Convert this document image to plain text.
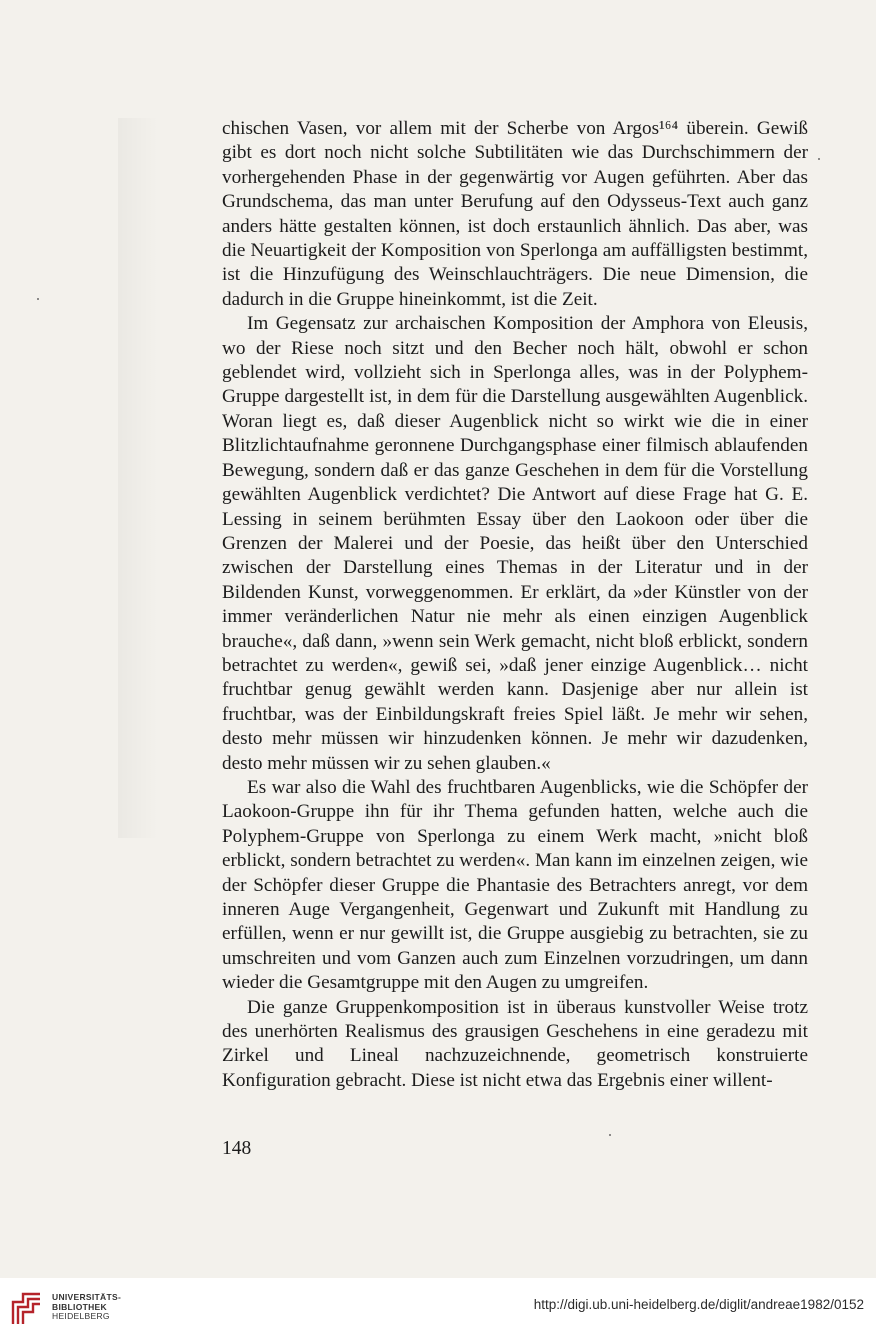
chischen Vasen, vor allem mit der Scherbe von Argos¹⁶⁴ überein. Gewiß gibt es dort noch nicht solche Subtilitäten wie das Durchschimmern der vorhergehenden Phase in der gegenwärtig vor Augen geführten. Aber das Grundschema, das man unter Berufung auf den Odysseus-Text auch ganz anders hätte gestalten können, ist doch erstaunlich ähnlich. Das aber, was die Neuartigkeit der Komposition von Sperlonga am auffälligsten bestimmt, ist die Hinzufügung des Weinschlauchträgers. Die neue Dimension, die dadurch in die Gruppe hineinkommt, ist die Zeit.

Im Gegensatz zur archaischen Komposition der Amphora von Eleusis, wo der Riese noch sitzt und den Becher noch hält, obwohl er schon geblendet wird, vollzieht sich in Sperlonga alles, was in der Polyphem-Gruppe dargestellt ist, in dem für die Darstellung ausgewählten Augenblick. Woran liegt es, daß dieser Augenblick nicht so wirkt wie die in einer Blitzlichtaufnahme geronnene Durchgangsphase einer filmisch ablaufenden Bewegung, sondern daß er das ganze Geschehen in dem für die Vorstellung gewählten Augenblick verdichtet? Die Antwort auf diese Frage hat G. E. Lessing in seinem berühmten Essay über den Laokoon oder über die Grenzen der Malerei und der Poesie, das heißt über den Unterschied zwischen der Darstellung eines Themas in der Literatur und in der Bildenden Kunst, vorweggenommen. Er erklärt, da »der Künstler von der immer veränderlichen Natur nie mehr als einen einzigen Augenblick brauche«, daß dann, »wenn sein Werk gemacht, nicht bloß erblickt, sondern betrachtet zu werden«, gewiß sei, »daß jener einzige Augenblick… nicht fruchtbar genug gewählt werden kann. Dasjenige aber nur allein ist fruchtbar, was der Einbildungskraft freies Spiel läßt. Je mehr wir sehen, desto mehr müssen wir hinzudenken können. Je mehr wir dazudenken, desto mehr müssen wir zu sehen glauben.«

Es war also die Wahl des fruchtbaren Augenblicks, wie die Schöpfer der Laokoon-Gruppe ihn für ihr Thema gefunden hatten, welche auch die Polyphem-Gruppe von Sperlonga zu einem Werk macht, »nicht bloß erblickt, sondern betrachtet zu werden«. Man kann im einzelnen zeigen, wie der Schöpfer dieser Gruppe die Phantasie des Betrachters anregt, vor dem inneren Auge Vergangenheit, Gegenwart und Zukunft mit Handlung zu erfüllen, wenn er nur gewillt ist, die Gruppe ausgiebig zu betrachten, sie zu umschreiten und vom Ganzen auch zum Einzelnen vorzudringen, um dann wieder die Gesamtgruppe mit den Augen zu umgreifen.

Die ganze Gruppenkomposition ist in überaus kunstvoller Weise trotz des unerhörten Realismus des grausigen Geschehens in eine geradezu mit Zirkel und Lineal nachzuzeichnende, geometrisch konstruierte Konfiguration gebracht. Diese ist nicht etwa das Ergebnis einer willent-

148
UNIVERSITÄTS-
BIBLIOTHEK
HEIDELBERG
http://digi.ub.uni-heidelberg.de/diglit/andreae1982/0152
